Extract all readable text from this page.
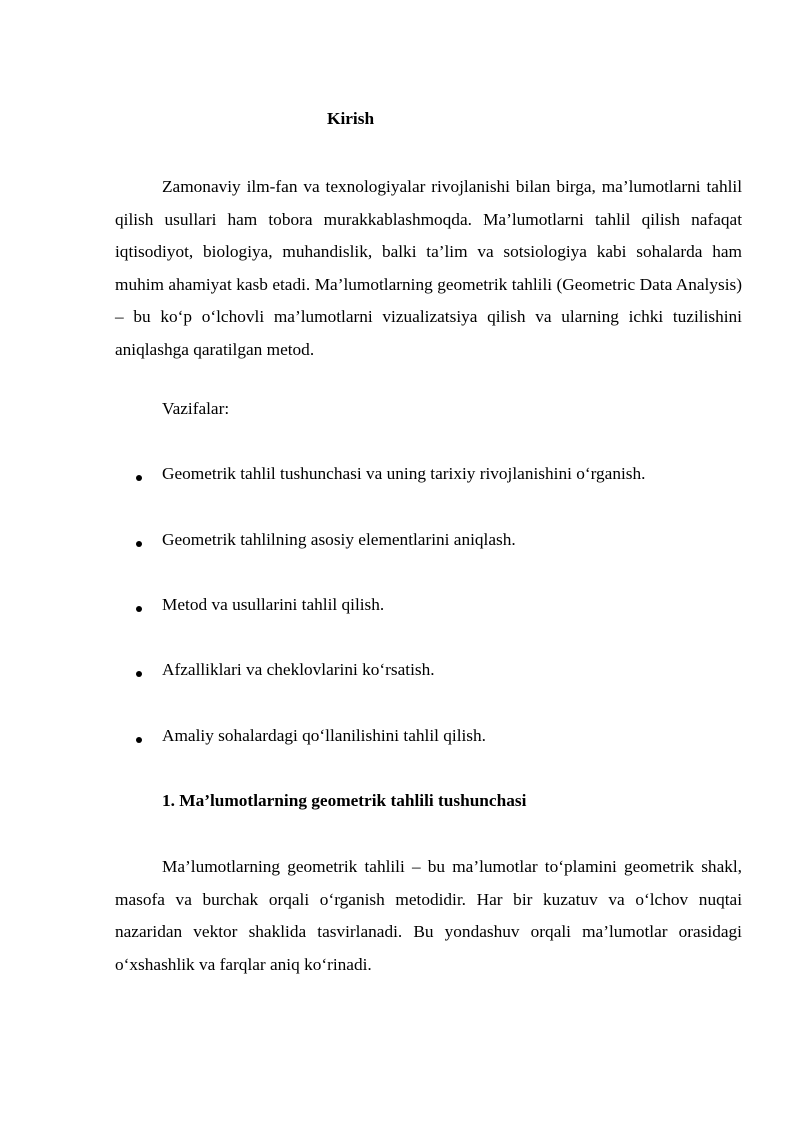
Kirish

Zamonaviy ilm-fan va texnologiyalar rivojlanishi bilan birga, ma’lumotlarni tahlil qilish usullari ham tobora murakkablashmoqda. Ma’lumotlarni tahlil qilish nafaqat iqtisodiyot, biologiya, muhandislik, balki ta’lim va sotsiologiya kabi sohalarda ham muhim ahamiyat kasb etadi. Ma’lumotlarning geometrik tahlili (Geometric Data Analysis) – bu ko‘p o‘lchovli ma’lumotlarni vizualizatsiya qilish va ularning ichki tuzilishini aniqlashga qaratilgan metod.

Vazifalar:
Geometrik tahlil tushunchasi va uning tarixiy rivojlanishini o‘rganish.
Geometrik tahlilning asosiy elementlarini aniqlash.
Metod va usullarini tahlil qilish.
Afzalliklari va cheklovlarini ko‘rsatish.
Amaliy sohalardagi qo‘llanilishini tahlil qilish.
1. Ma’lumotlarning geometrik tahlili tushunchasi

Ma’lumotlarning geometrik tahlili – bu ma’lumotlar to‘plamini geometrik shakl, masofa va burchak orqali o‘rganish metodidir. Har bir kuzatuv va o‘lchov nuqtai nazaridan vektor shaklida tasvirlanadi. Bu yondashuv orqali ma’lumotlar orasidagi o‘xshashlik va farqlar aniq ko‘rinadi.
